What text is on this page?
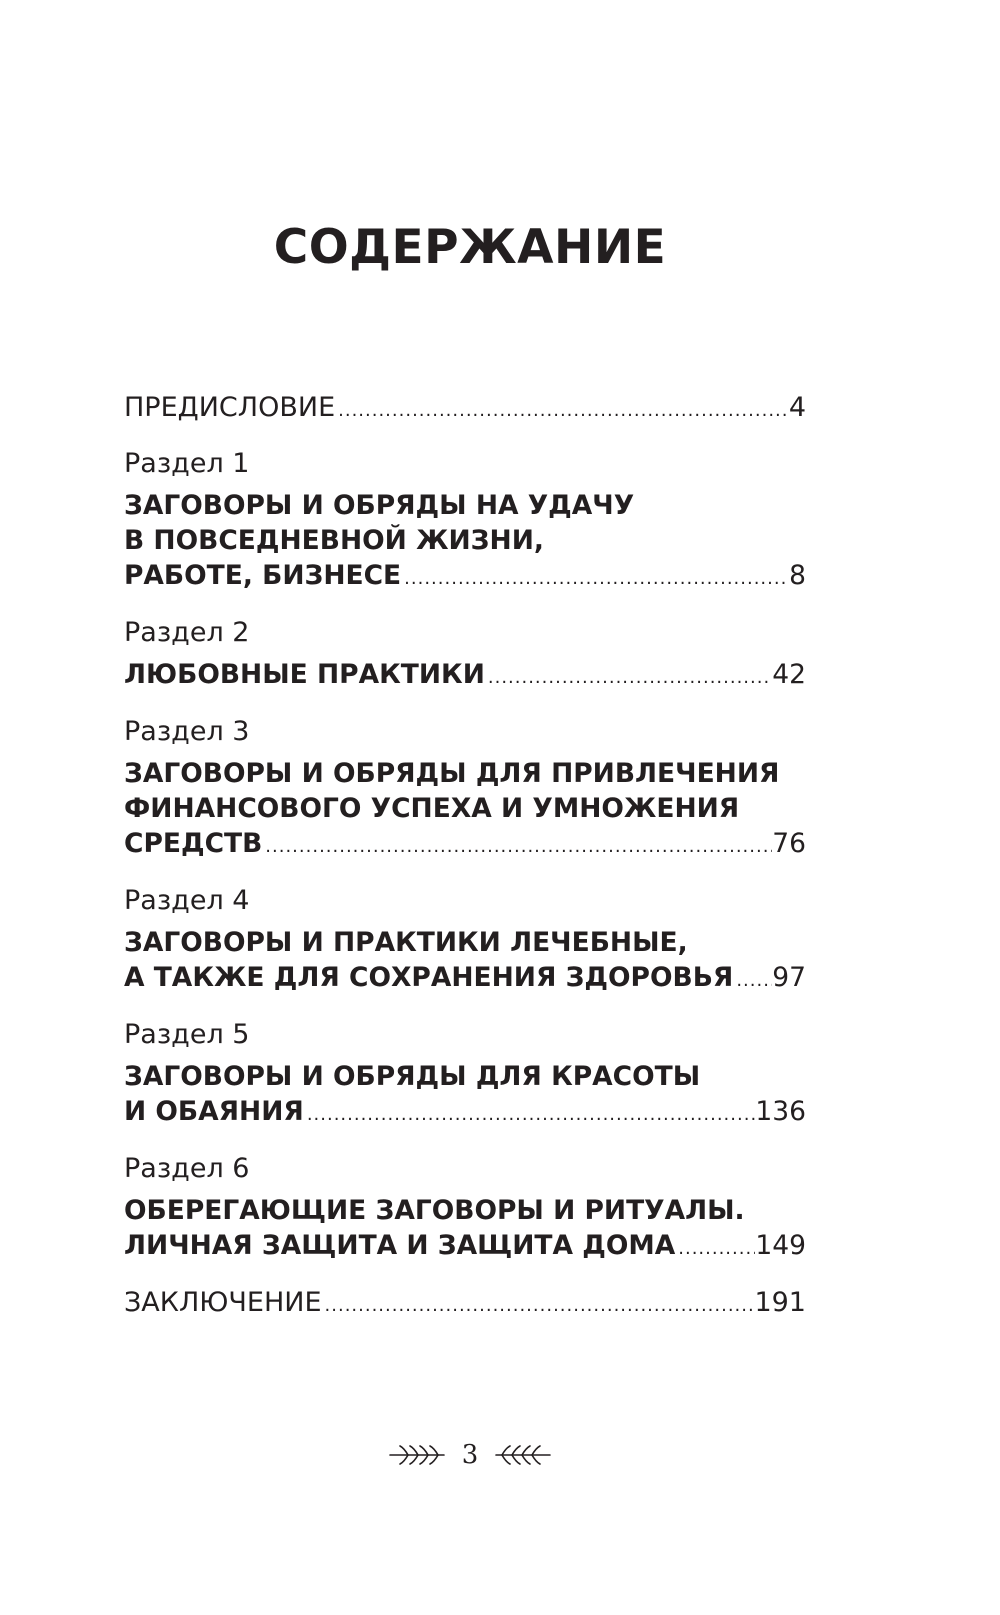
СОДЕРЖАНИЕ
ПРЕДИСЛОВИЕ .....	4
Раздел 1
ЗАГОВОРЫ И ОБРЯДЫ НА УДАЧУ
В ПОВСЕДНЕВНОЙ ЖИЗНИ,
РАБОТЕ, БИЗНЕСЕ .....	8
Раздел 2
ЛЮБОВНЫЕ ПРАКТИКИ .....	42
Раздел 3
ЗАГОВОРЫ И ОБРЯДЫ ДЛЯ ПРИВЛЕЧЕНИЯ
ФИНАНСОВОГО УСПЕХА И УМНОЖЕНИЯ
СРЕДСТВ .....	76
Раздел 4
ЗАГОВОРЫ И ПРАКТИКИ ЛЕЧЕБНЫЕ,
А ТАКЖЕ ДЛЯ СОХРАНЕНИЯ ЗДОРОВЬЯ ..... 97
Раздел 5
ЗАГОВОРЫ И ОБРЯДЫ ДЛЯ КРАСОТЫ
И ОБАЯНИЯ .....	136
Раздел 6
ОБЕРЕГАЮЩИЕ ЗАГОВОРЫ И РИТУАЛЫ.
ЛИЧНАЯ ЗАЩИТА И ЗАЩИТА ДОМА .....	149
ЗАКЛЮЧЕНИЕ .....	191
3
